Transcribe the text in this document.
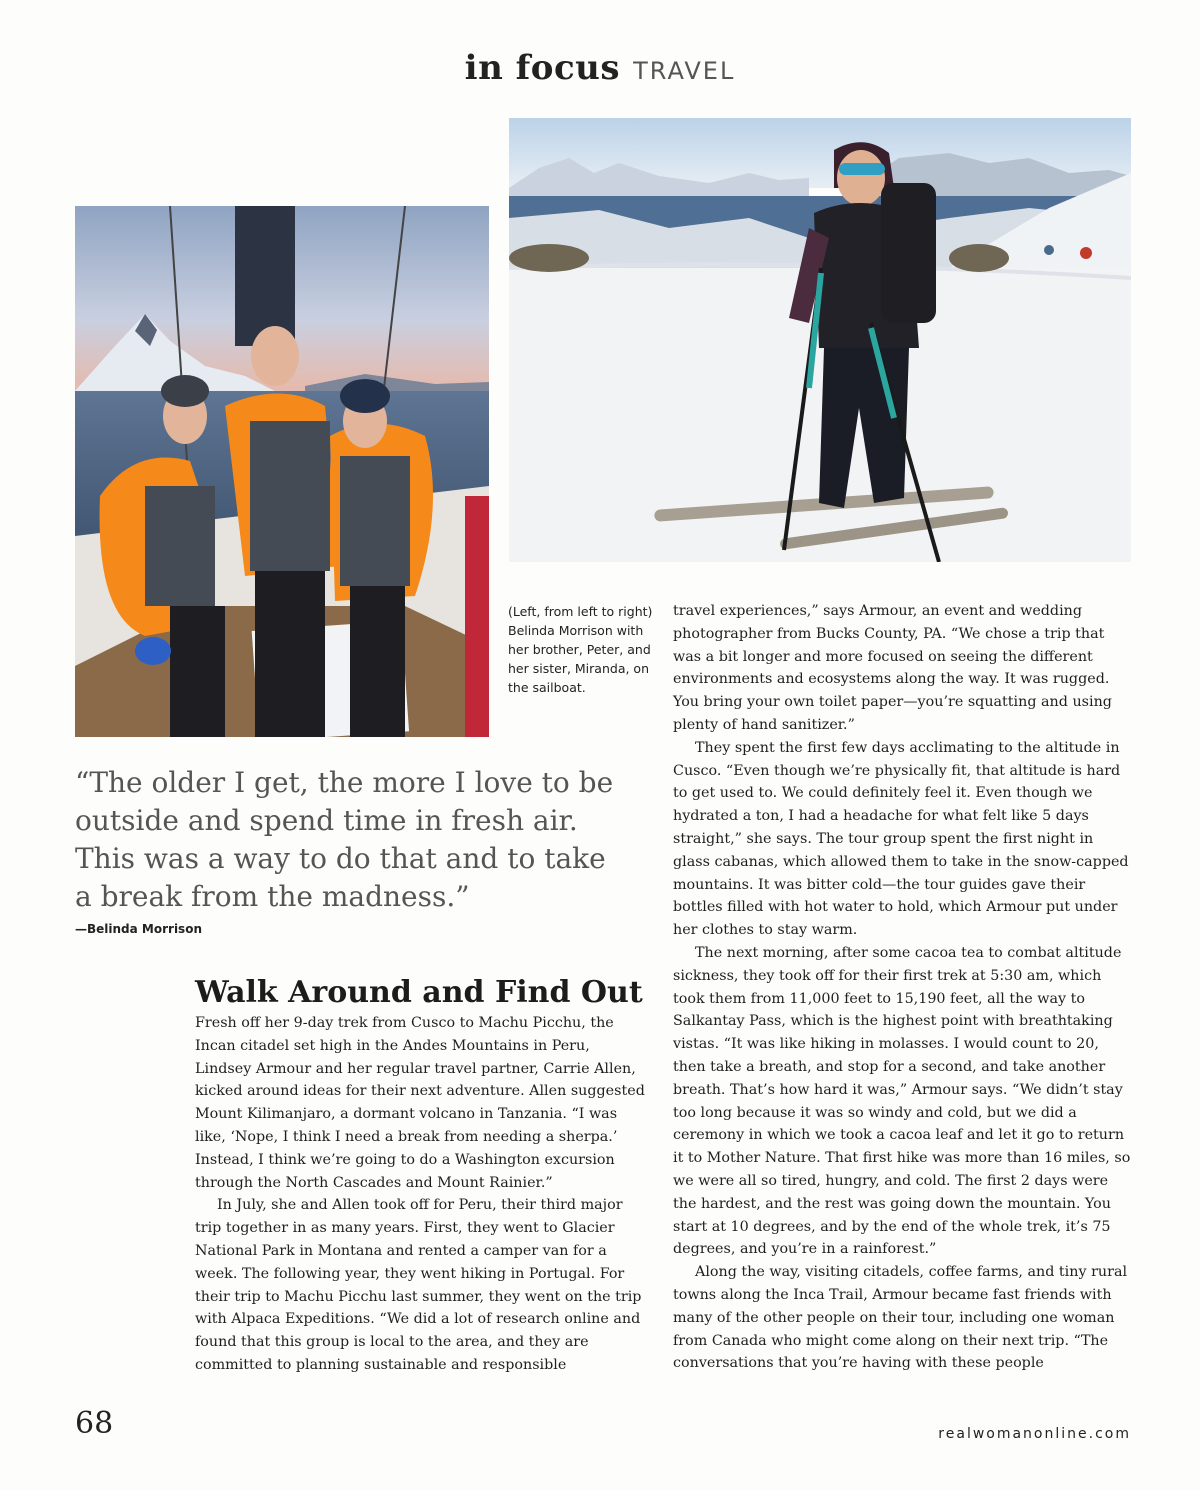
in focus TRAVEL
(Left, from left to right) Belinda Morrison with her brother, Peter, and her sister, Miranda, on the sailboat.
“The older I get, the more I love to be
outside and spend time in fresh air.
This was a way to do that and to take
a break from the madness.”
—Belinda Morrison
Walk Around and Find Out

Fresh off her 9-day trek from Cusco to Machu Picchu, the Incan citadel set high in the Andes Mountains in Peru, Lindsey Armour and her regular travel partner, Carrie Allen, kicked around ideas for their next adventure. Allen suggested Mount Kilimanjaro, a dormant volcano in Tanzania. “I was like, ‘Nope, I think I need a break from needing a sherpa.’ Instead, I think we’re going to do a Washington excursion through the North Cascades and Mount Rainier.”

In July, she and Allen took off for Peru, their third major trip together in as many years. First, they went to Glacier National Park in Montana and rented a camper van for a week. The following year, they went hiking in Portugal. For their trip to Machu Picchu last summer, they went on the trip with Alpaca Expeditions. “We did a lot of research online and found that this group is local to the area, and they are committed to planning sustainable and responsible

travel experiences,” says Armour, an event and wedding photographer from Bucks County, PA. “We chose a trip that was a bit longer and more focused on seeing the different environments and ecosystems along the way. It was rugged. You bring your own toilet paper—you’re squatting and using plenty of hand sanitizer.”

They spent the first few days acclimating to the altitude in Cusco. “Even though we’re physically fit, that altitude is hard to get used to. We could definitely feel it. Even though we hydrated a ton, I had a headache for what felt like 5 days straight,” she says. The tour group spent the first night in glass cabanas, which allowed them to take in the snow-capped mountains. It was bitter cold—the tour guides gave their bottles filled with hot water to hold, which Armour put under her clothes to stay warm.

The next morning, after some cacoa tea to combat altitude sickness, they took off for their first trek at 5:30 am, which took them from 11,000 feet to 15,190 feet, all the way to Salkantay Pass, which is the highest point with breathtaking vistas. “It was like hiking in molasses. I would count to 20, then take a breath, and stop for a second, and take another breath. That’s how hard it was,” Armour says. “We didn’t stay too long because it was so windy and cold, but we did a ceremony in which we took a cacoa leaf and let it go to return it to Mother Nature. That first hike was more than 16 miles, so we were all so tired, hungry, and cold. The first 2 days were the hardest, and the rest was going down the mountain. You start at 10 degrees, and by the end of the whole trek, it’s 75 degrees, and you’re in a rainforest.”

Along the way, visiting citadels, coffee farms, and tiny rural towns along the Inca Trail, Armour became fast friends with many of the other people on their tour, including one woman from Canada who might come along on their next trip. “The conversations that you’re having with these people

68	realwomanonline.com
